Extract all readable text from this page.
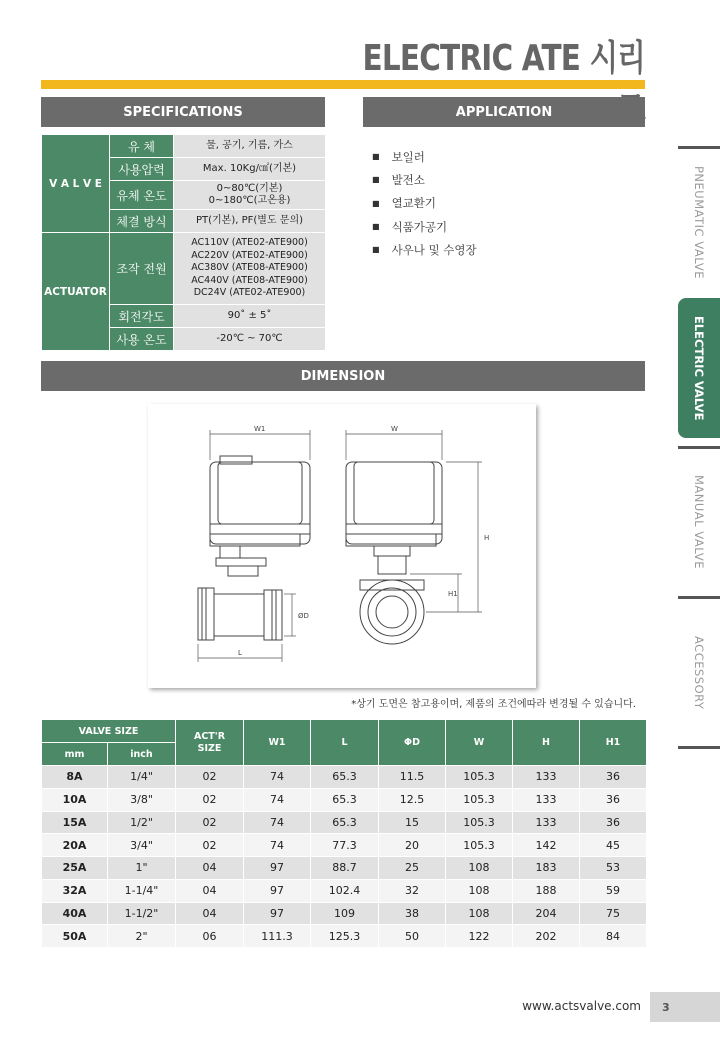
ELECTRIC ATE 시리
SPECIFICATIONS	APPLICATION
V A L V E	유 체	물, 공기, 기름, 가스
	사용압력	Max. 10Kg/㎠(기본)
	유체 온도	0~80℃(기본)
0~180℃(고온용)

	체결 방식	PT(기본), PF(별도 문의)
ACTUATOR	조작 전원	AC110V (ATE02-ATE900)
AC220V (ATE02-ATE900)
AC380V (ATE08-ATE900)
AC440V (ATE08-ATE900)
DC24V (ATE02-ATE900)

	회전각도	90˚ ± 5˚
	사용 온도	-20℃ ~ 70℃
■ 보일러
■ 발전소
■ 열교환기
■ 식품가공기
■ 사우나 및 수영장
DIMENSION
W1	W
L
H
H1
ØD
*상기 도면은 참고용이며, 제품의 조건에따라 변경될 수 있습니다.
VALVE SIZE		ACT'R
SIZE	W1	L	ΦD	W	H	H1
mm	inch							
8A	1/4"	02	74	65.3	11.5	105.3	133	36
10A	3/8"	02	74	65.3	12.5	105.3	133	36
15A	1/2"	02	74	65.3	15	105.3	133	36
20A	3/4"	02	74	77.3	20	105.3	142	45
25A	1"	04	97	88.7	25	108	183	53
32A	1-1/4"	04	97	102.4	32	108	188	59
40A	1-1/2"	04	97	109	38	108	204	75
50A	2"	06	111.3	125.3	50	122	202	84
PNEUMATIC VALVE
ELECTRIC VALVE
MANUAL VALVE
ACCESSORY
www.actsvalve.com	3
